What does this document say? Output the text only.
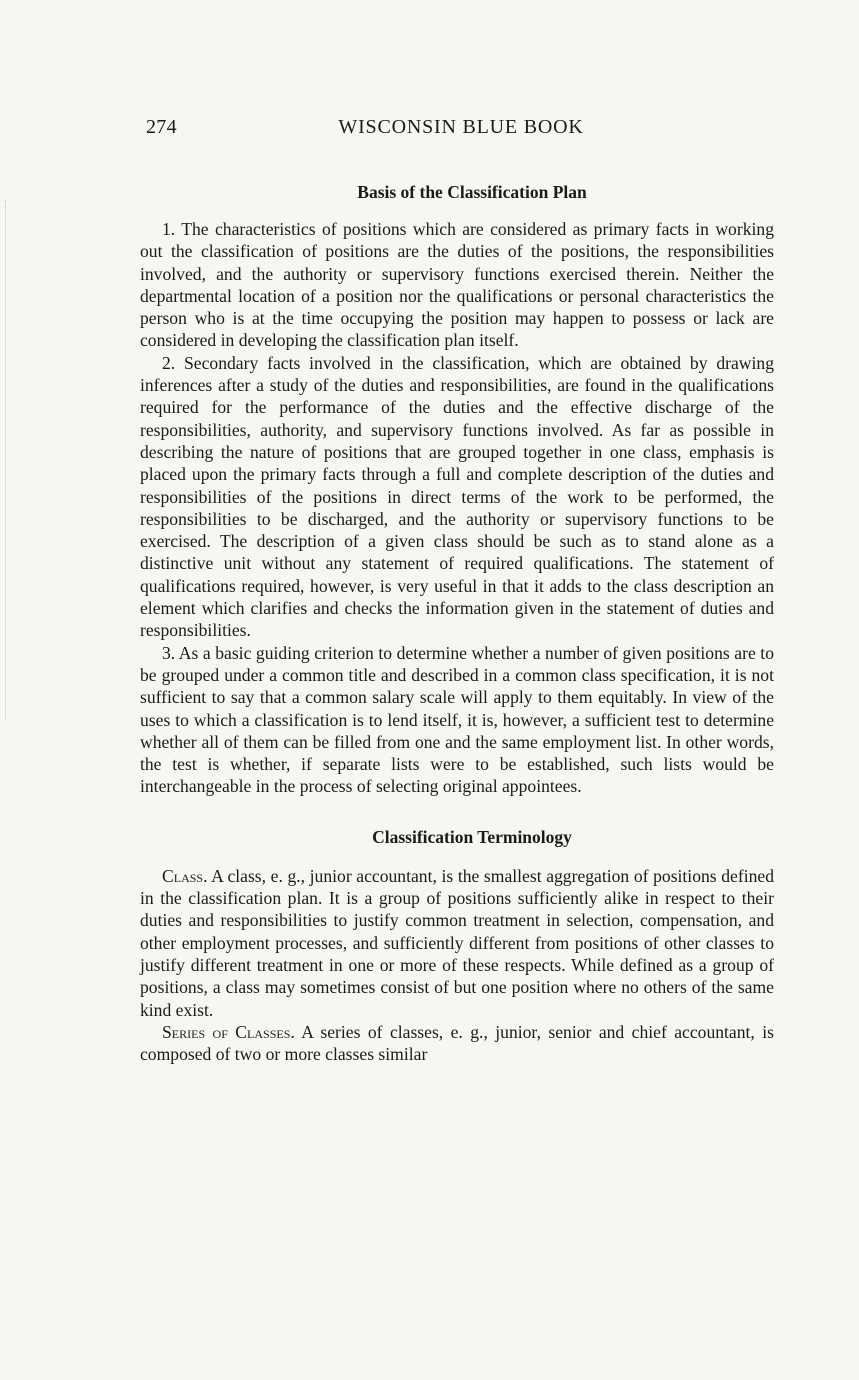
274	WISCONSIN BLUE BOOK
Basis of the Classification Plan

1. The characteristics of positions which are considered as primary facts in working out the classification of positions are the duties of the positions, the responsibilities involved, and the authority or supervisory functions exercised therein. Neither the departmental location of a position nor the qualifications or personal characteristics the person who is at the time occupying the position may happen to possess or lack are considered in developing the classification plan itself.

2. Secondary facts involved in the classification, which are obtained by drawing inferences after a study of the duties and responsibilities, are found in the qualifications required for the performance of the duties and the effective discharge of the responsibilities, authority, and supervisory functions involved. As far as possible in describing the nature of positions that are grouped together in one class, emphasis is placed upon the primary facts through a full and complete description of the duties and responsibilities of the positions in direct terms of the work to be performed, the responsibilities to be discharged, and the authority or supervisory functions to be exercised. The description of a given class should be such as to stand alone as a distinctive unit without any statement of required qualifications. The statement of qualifications required, however, is very useful in that it adds to the class description an element which clarifies and checks the information given in the statement of duties and responsibilities.

3. As a basic guiding criterion to determine whether a number of given positions are to be grouped under a common title and described in a common class specification, it is not sufficient to say that a common salary scale will apply to them equitably. In view of the uses to which a classification is to lend itself, it is, however, a sufficient test to determine whether all of them can be filled from one and the same employment list. In other words, the test is whether, if separate lists were to be established, such lists would be interchangeable in the process of selecting original appointees.

Classification Terminology

Class. A class, e. g., junior accountant, is the smallest aggregation of positions defined in the classification plan. It is a group of positions sufficiently alike in respect to their duties and responsibilities to justify common treatment in selection, compensation, and other employment processes, and sufficiently different from positions of other classes to justify different treatment in one or more of these respects. While defined as a group of positions, a class may sometimes consist of but one position where no others of the same kind exist.

Series of Classes. A series of classes, e. g., junior, senior and chief accountant, is composed of two or more classes similar
